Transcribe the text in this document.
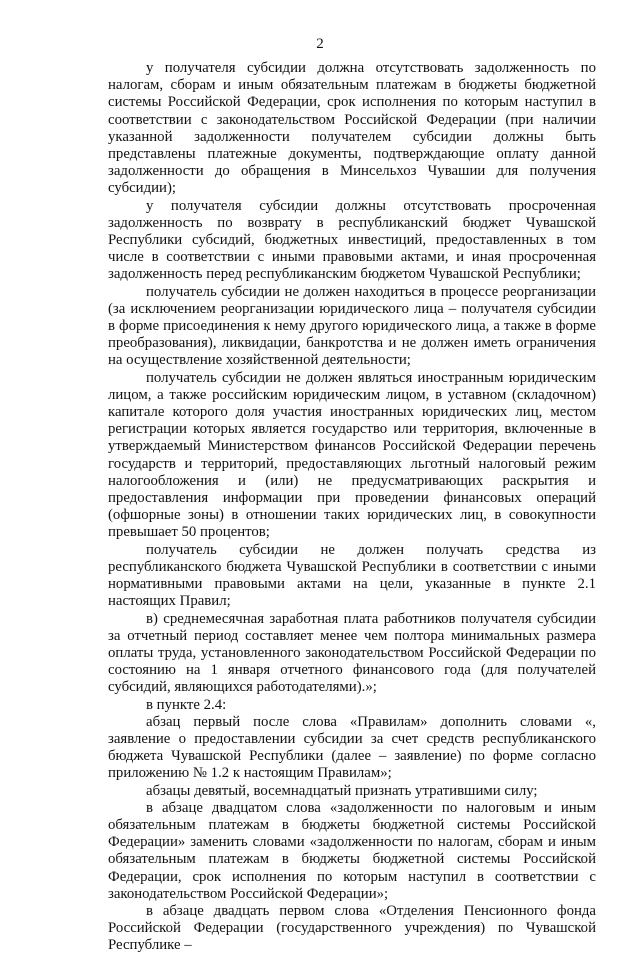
2

у получателя субсидии должна отсутствовать задолженность по налогам, сборам и иным обязательным платежам в бюджеты бюджетной системы Российской Федерации, срок исполнения по которым наступил в соответствии с законодательством Российской Федерации (при наличии указанной задолженности получателем субсидии должны быть представлены платежные документы, подтверждающие оплату данной задолженности до обращения в Минсельхоз Чувашии для получения субсидии);

у получателя субсидии должны отсутствовать просроченная задолженность по возврату в республиканский бюджет Чувашской Республики субсидий, бюджетных инвестиций, предоставленных в том числе в соответствии с иными правовыми актами, и иная просроченная задолженность перед республиканским бюджетом Чувашской Республики;

получатель субсидии не должен находиться в процессе реорганизации (за исключением реорганизации юридического лица – получателя субсидии в форме присоединения к нему другого юридического лица, а также в форме преобразования), ликвидации, банкротства и не должен иметь ограничения на осуществление хозяйственной деятельности;

получатель субсидии не должен являться иностранным юридическим лицом, а также российским юридическим лицом, в уставном (складочном) капитале которого доля участия иностранных юридических лиц, местом регистрации которых является государство или территория, включенные в утверждаемый Министерством финансов Российской Федерации перечень государств и территорий, предоставляющих льготный налоговый режим налогообложения и (или) не предусматривающих раскрытия и предоставления информации при проведении финансовых операций (офшорные зоны) в отношении таких юридических лиц, в совокупности превышает 50 процентов;

получатель субсидии не должен получать средства из республиканского бюджета Чувашской Республики в соответствии с иными нормативными правовыми актами на цели, указанные в пункте 2.1 настоящих Правил;

в) среднемесячная заработная плата работников получателя субсидии за отчетный период составляет менее чем полтора минимальных размера оплаты труда, установленного законодательством Российской Федерации по состоянию на 1 января отчетного финансового года (для получателей субсидий, являющихся работодателями).»;

в пункте 2.4:

абзац первый после слова «Правилам» дополнить словами «, заявление о предоставлении субсидии за счет средств республиканского бюджета Чувашской Республики (далее – заявление) по форме согласно приложению № 1.2 к настоящим Правилам»;

абзацы девятый, восемнадцатый признать утратившими силу;

в абзаце двадцатом слова «задолженности по налоговым и иным обязательным платежам в бюджеты бюджетной системы Российской Федерации» заменить словами «задолженности по налогам, сборам и иным обязательным платежам в бюджеты бюджетной системы Российской Федерации, срок исполнения по которым наступил в соответствии с законодательством Российской Федерации»;

в абзаце двадцать первом слова «Отделения Пенсионного фонда Российской Федерации (государственного учреждения) по Чувашской Республике –
